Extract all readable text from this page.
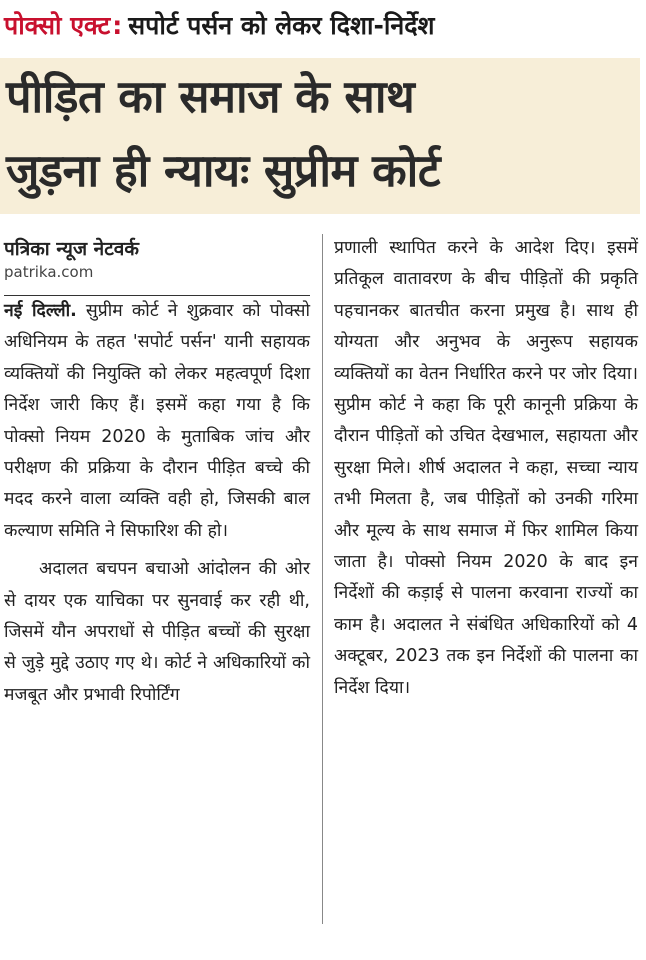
पोक्सो एक्ट: सपोर्ट पर्सन को लेकर दिशा-निर्देश
पीड़ित का समाज के साथ
जुड़ना ही न्यायः सुप्रीम कोर्ट
पत्रिका न्यूज नेटवर्क
patrika.com

नई दिल्ली. सुप्रीम कोर्ट ने शुक्रवार को पोक्सो अधिनियम के तहत 'सपोर्ट पर्सन' यानी सहायक व्यक्तियों की नियुक्ति को लेकर महत्वपूर्ण दिशा निर्देश जारी किए हैं। इसमें कहा गया है कि पोक्सो नियम 2020 के मुताबिक जांच और परीक्षण की प्रक्रिया के दौरान पीड़ित बच्चे की मदद करने वाला व्यक्ति वही हो, जिसकी बाल कल्याण समिति ने सिफारिश की हो।

अदालत बचपन बचाओ आंदोलन की ओर से दायर एक याचिका पर सुनवाई कर रही थी, जिसमें यौन अपराधों से पीड़ित बच्चों की सुरक्षा से जुड़े मुद्दे उठाए गए थे। कोर्ट ने अधिकारियों को मजबूत और प्रभावी रिपोर्टिंग

प्रणाली स्थापित करने के आदेश दिए। इसमें प्रतिकूल वातावरण के बीच पीड़ितों की प्रकृति पहचानकर बातचीत करना प्रमुख है। साथ ही योग्यता और अनुभव के अनुरूप सहायक व्यक्तियों का वेतन निर्धारित करने पर जोर दिया। सुप्रीम कोर्ट ने कहा कि पूरी कानूनी प्रक्रिया के दौरान पीड़ितों को उचित देखभाल, सहायता और सुरक्षा मिले। शीर्ष अदालत ने कहा, सच्चा न्याय तभी मिलता है, जब पीड़ितों को उनकी गरिमा और मूल्य के साथ समाज में फिर शामिल किया जाता है। पोक्सो नियम 2020 के बाद इन निर्देशों की कड़ाई से पालना करवाना राज्यों का काम है। अदालत ने संबंधित अधिकारियों को 4 अक्टूबर, 2023 तक इन निर्देशों की पालना का निर्देश दिया।
